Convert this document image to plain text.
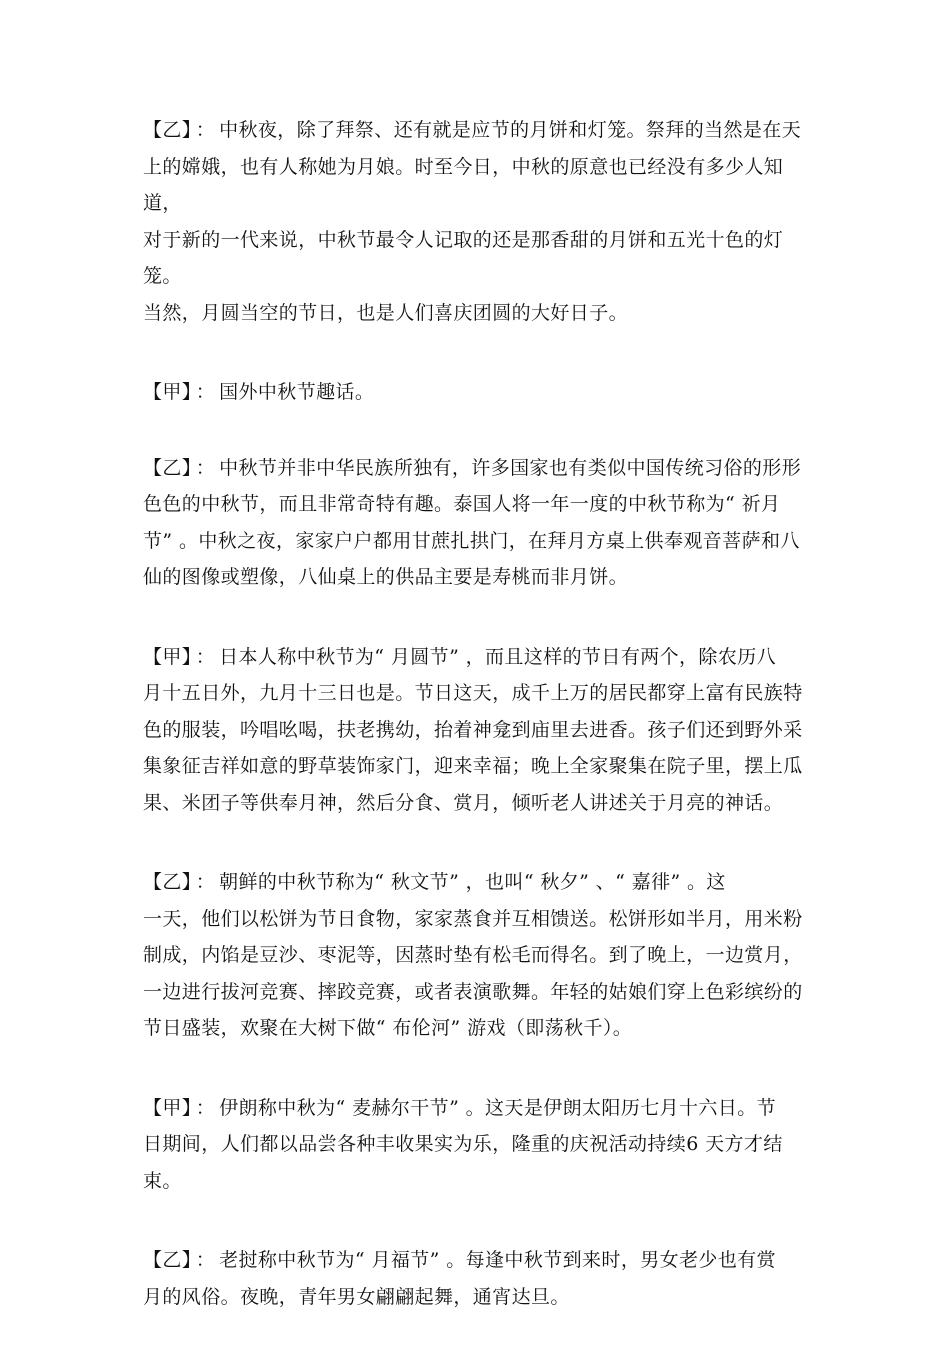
【乙】 ： 中秋夜，除了拜祭、还有就是应节的月饼和灯笼。祭拜的当然是在天
上的嫦娥，也有人称她为月娘。时至今日，中秋的原意也已经没有多少人知道，
对于新的一代来说，中秋节最令人记取的还是那香甜的月饼和五光十色的灯笼。
当然，月圆当空的节日，也是人们喜庆团圆的大好日子。

【甲】 ： 国外中秋节趣话。

【乙】 ： 中秋节并非中华民族所独有，许多国家也有类似中国传统习俗的形形
色色的中秋节，而且非常奇特有趣。泰国人将一年一度的中秋节称为“ 祈月
节” 。中秋之夜，家家户户都用甘蔗扎拱门，在拜月方桌上供奉观音菩萨和八
仙的图像或塑像，八仙桌上的供品主要是寿桃而非月饼。

【甲】 ： 日本人称中秋节为“ 月圆节” ，而且这样的节日有两个，除农历八
月十五日外，九月十三日也是。节日这天，成千上万的居民都穿上富有民族特
色的服装，吟唱吆喝，扶老携幼，抬着神龛到庙里去进香。孩子们还到野外采
集象征吉祥如意的野草装饰家门，迎来幸福；晚上全家聚集在院子里，摆上瓜
果、米团子等供奉月神，然后分食、赏月，倾听老人讲述关于月亮的神话。

【乙】 ： 朝鲜的中秋节称为“ 秋文节” ，也叫“ 秋夕” 、“ 嘉徘” 。这
一天，他们以松饼为节日食物，家家蒸食并互相馈送。松饼形如半月，用米粉
制成，内馅是豆沙、枣泥等，因蒸时垫有松毛而得名。到了晚上，一边赏月，
一边进行拔河竞赛、摔跤竞赛，或者表演歌舞。年轻的姑娘们穿上色彩缤纷的
节日盛装，欢聚在大树下做“ 布伦河” 游戏（即荡秋千）。

【甲】 ： 伊朗称中秋为“ 麦赫尔干节” 。这天是伊朗太阳历七月十六日。节
日期间，人们都以品尝各种丰收果实为乐，隆重的庆祝活动持续6 天方才结束。

【乙】 ： 老挝称中秋节为“ 月福节” 。每逢中秋节到来时，男女老少也有赏
月的风俗。夜晚，青年男女翩翩起舞，通宵达旦。
